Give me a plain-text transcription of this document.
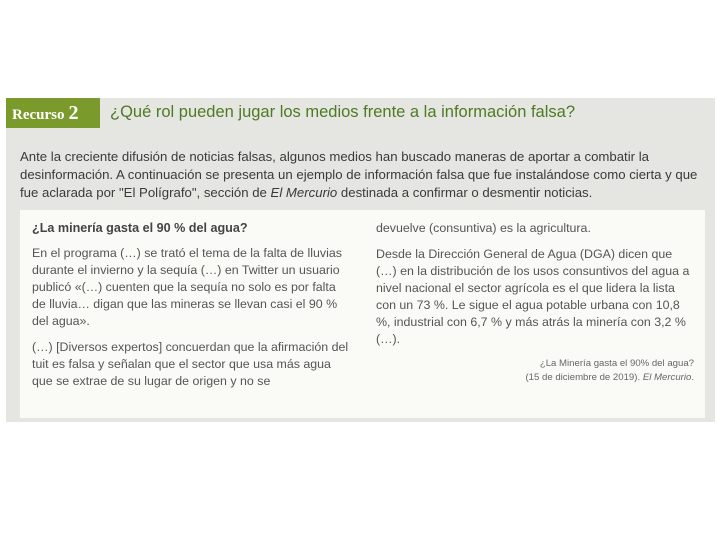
Recurso 2 ¿Qué rol pueden jugar los medios frente a la información falsa?
Ante la creciente difusión de noticias falsas, algunos medios han buscado maneras de aportar a combatir la desinformación. A continuación se presenta un ejemplo de información falsa que fue instalándose como cierta y que fue aclarada por "El Polígrafo", sección de El Mercurio destinada a confirmar o desmentir noticias.

¿La minería gasta el 90 % del agua?

En el programa (…) se trató el tema de la falta de lluvias durante el invierno y la sequía (…) en Twitter un usuario publicó «(…) cuenten que la sequía no solo es por falta de lluvia… digan que las mineras se llevan casi el 90 % del agua».

(…) [Diversos expertos] concuerdan que la afirmación del tuit es falsa y señalan que el sector que usa más agua que se extrae de su lugar de origen y no se

devuelve (consuntiva) es la agricultura.

Desde la Dirección General de Agua (DGA) dicen que (…) en la distribución de los usos consuntivos del agua a nivel nacional el sector agrícola es el que lidera la lista con un 73 %. Le sigue el agua potable urbana con 10,8 %, industrial con 6,7 % y más atrás la minería con 3,2 % (…).

¿La Minería gasta el 90% del agua?
(15 de diciembre de 2019). El Mercurio.
